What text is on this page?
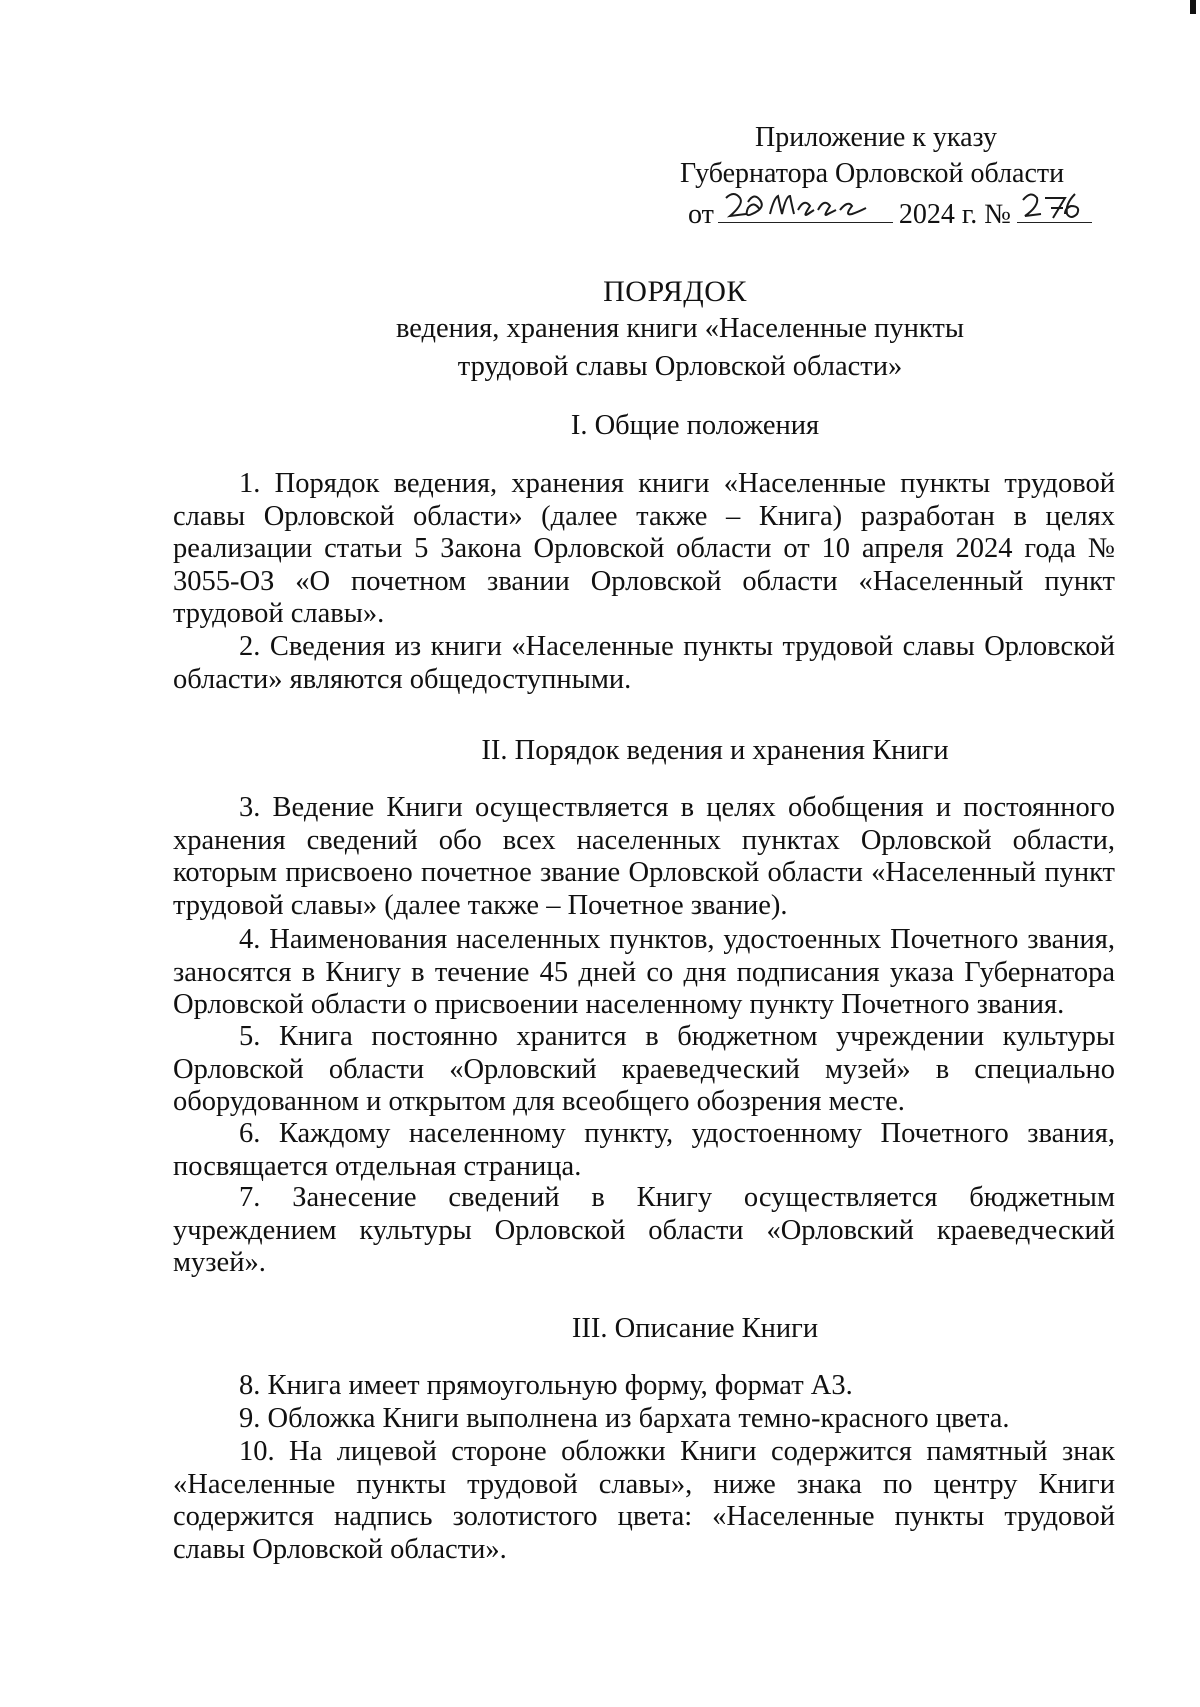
Приложение к указу
Губернатора Орловской области
от	2024 г. №
ПОРЯДОК
ведения, хранения книги «Населенные пункты
трудовой славы Орловской области»
I. Общие положения

1. Порядок ведения, хранения книги «Населенные пункты трудовой славы Орловской области» (далее также – Книга) разработан в целях реализации статьи 5 Закона Орловской области от 10 апреля 2024 года № 3055-ОЗ «О почетном звании Орловской области «Населенный пункт трудовой славы».

2. Сведения из книги «Населенные пункты трудовой славы Орловской области» являются общедоступными.

II. Порядок ведения и хранения Книги

3. Ведение Книги осуществляется в целях обобщения и постоянного хранения сведений обо всех населенных пунктах Орловской области, которым присвоено почетное звание Орловской области «Населенный пункт трудовой славы» (далее также – Почетное звание).

4. Наименования населенных пунктов, удостоенных Почетного звания, заносятся в Книгу в течение 45 дней со дня подписания указа Губернатора Орловской области о присвоении населенному пункту Почетного звания.

5. Книга постоянно хранится в бюджетном учреждении культуры Орловской области «Орловский краеведческий музей» в специально оборудованном и открытом для всеобщего обозрения месте.

6. Каждому населенному пункту, удостоенному Почетного звания, посвящается отдельная страница.

7. Занесение сведений в Книгу осуществляется бюджетным учреждением культуры Орловской области «Орловский краеведческий музей».

III. Описание Книги

8. Книга имеет прямоугольную форму, формат А3.

9. Обложка Книги выполнена из бархата темно-красного цвета.

10. На лицевой стороне обложки Книги содержится памятный знак «Населенные пункты трудовой славы», ниже знака по центру Книги содержится надпись золотистого цвета: «Населенные пункты трудовой славы Орловской области».
